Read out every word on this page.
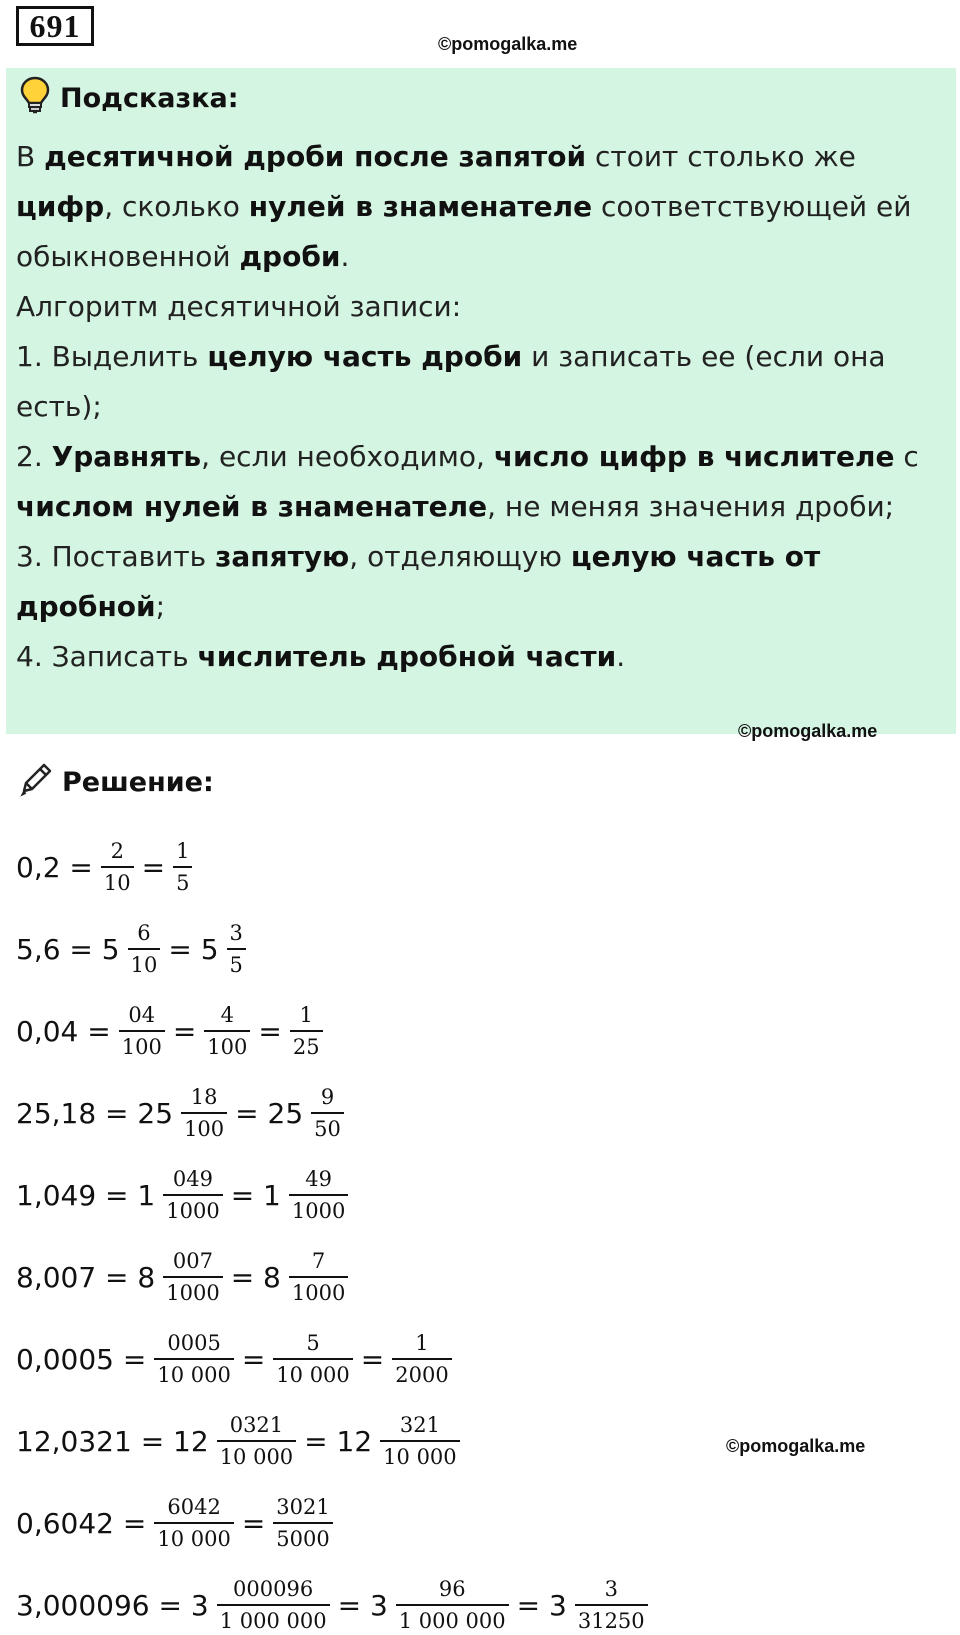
691	©pomogalka.me
Подсказка:

В десятичной дроби после запятой стоит столько же цифр, сколько нулей в знаменателе соответствующей ей обыкновенной дроби.

Алгоритм десятичной записи:

1. Выделить целую часть дроби и записать ее (если она есть);

2. Уравнять, если необходимо, число цифр в числителе с числом нулей в знаменателе, не меняя значения дроби;

3. Поставить запятую, отделяющую целую часть от дробной;

4. Записать числитель дробной части.

©pomogalka.me
Решение:
$0,2 = \frac{2}{10} = \frac{1}{5}$
$5,6 = 5 \frac{6}{10} = 5 \frac{3}{5}$
$0,04 = \frac{04}{100} = \frac{4}{100} = \frac{1}{25}$
$25,18 = 25 \frac{18}{100} = 25 \frac{9}{50}$
$1,049 = 1 \frac{049}{1000} = 1 \frac{49}{1000}$
$8,007 = 8 \frac{007}{1000} = 8 \frac{7}{1000}$
$0,0005 = \frac{0005}{10 000} = \frac{5}{10 000} = \frac{1}{2000}$
$12,0321 = 12 \frac{0321}{10 000} = 12 \frac{321}{10 000}$
$0,6042 = \frac{6042}{10 000} = \frac{3021}{5000}$
$3,000096 = 3 \frac{000096}{1 000 000} = 3 \frac{96}{1 000 000} = 3 \frac{3}{31250}$
©pomogalka.me
